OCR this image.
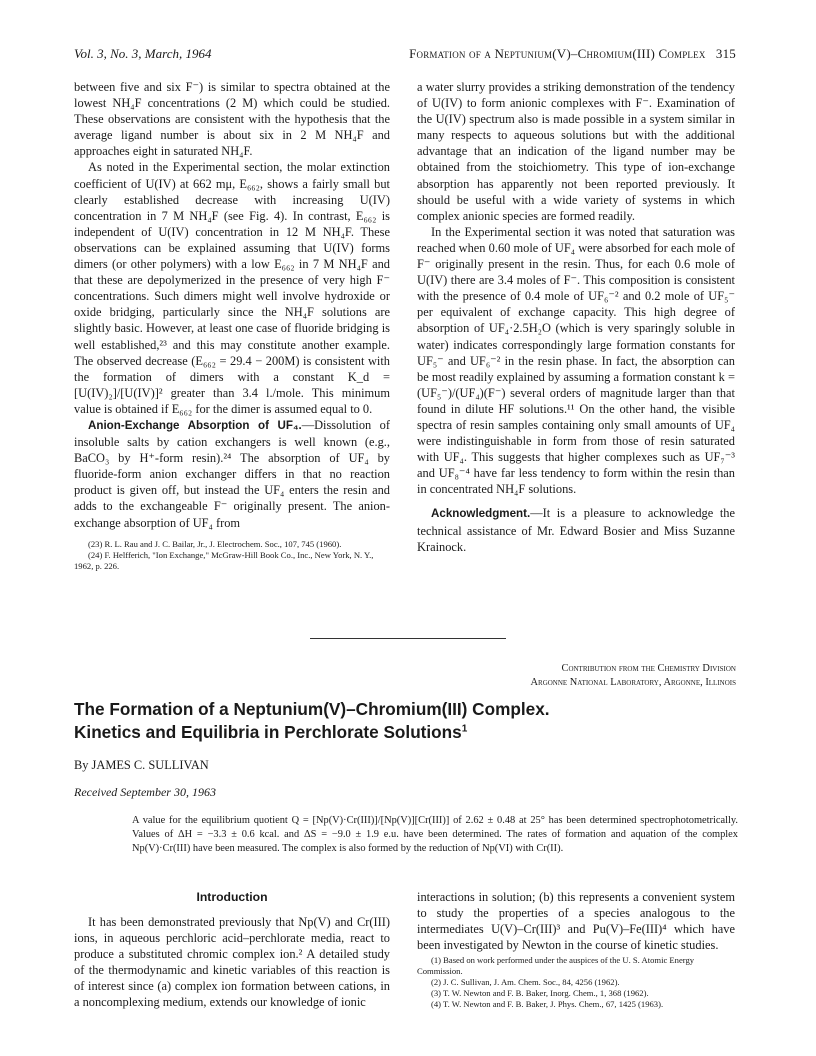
Vol. 3, No. 3, March, 1964	Formation of a Neptunium(V)–Chromium(III) Complex 315

between five and six F⁻) is similar to spectra obtained at the lowest NH₄F concentrations (2 M) which could be studied. These observations are consistent with the hypothesis that the average ligand number is about six in 2 M NH₄F and approaches eight in saturated NH₄F.

As noted in the Experimental section, the molar extinction coefficient of U(IV) at 662 mμ, E₆₆₂, shows a fairly small but clearly established decrease with increasing U(IV) concentration in 7 M NH₄F (see Fig. 4). In contrast, E₆₆₂ is independent of U(IV) concentration in 12 M NH₄F. These observations can be explained assuming that U(IV) forms dimers (or other polymers) with a low E₆₆₂ in 7 M NH₄F and that these are depolymerized in the presence of very high F⁻ concentrations. Such dimers might well involve hydroxide or oxide bridging, particularly since the NH₄F solutions are slightly basic. However, at least one case of fluoride bridging is well established,²³ and this may constitute another example. The observed decrease (E₆₆₂ = 29.4 − 200M) is consistent with the formation of dimers with a constant K_d = [U(IV)₂]/[U(IV)]² greater than 3.4 l./mole. This minimum value is obtained if E₆₆₂ for the dimer is assumed equal to 0.

Anion-Exchange Absorption of UF₄.—Dissolution of insoluble salts by cation exchangers is well known (e.g., BaCO₃ by H⁺-form resin).²⁴ The absorption of UF₄ by fluoride-form anion exchanger differs in that no reaction product is given off, but instead the UF₄ enters the resin and adds to the exchangeable F⁻ originally present. The anion-exchange absorption of UF₄ from

(23) R. L. Rau and J. C. Bailar, Jr., J. Electrochem. Soc., 107, 745 (1960).

(24) F. Helfferich, "Ion Exchange," McGraw-Hill Book Co., Inc., New York, N. Y., 1962, p. 226.

a water slurry provides a striking demonstration of the tendency of U(IV) to form anionic complexes with F⁻. Examination of the U(IV) spectrum also is made possible in a system similar in many respects to aqueous solutions but with the additional advantage that an indication of the ligand number may be obtained from the stoichiometry. This type of ion-exchange absorption has apparently not been reported previously. It should be useful with a wide variety of systems in which complex anionic species are formed readily.

In the Experimental section it was noted that saturation was reached when 0.60 mole of UF₄ were absorbed for each mole of F⁻ originally present in the resin. Thus, for each 0.6 mole of U(IV) there are 3.4 moles of F⁻. This composition is consistent with the presence of 0.4 mole of UF₆⁻² and 0.2 mole of UF₅⁻ per equivalent of exchange capacity. This high degree of absorption of UF₄·2.5H₂O (which is very sparingly soluble in water) indicates correspondingly large formation constants for UF₅⁻ and UF₆⁻² in the resin phase. In fact, the absorption can be most readily explained by assuming a formation constant k = (UF₅⁻)/(UF₄)(F⁻) several orders of magnitude larger than that found in dilute HF solutions.¹¹ On the other hand, the visible spectra of resin samples containing only small amounts of UF₄ were indistinguishable in form from those of resin saturated with UF₄. This suggests that higher complexes such as UF₇⁻³ and UF₈⁻⁴ have far less tendency to form within the resin than in concentrated NH₄F solutions.

Acknowledgment.—It is a pleasure to acknowledge the technical assistance of Mr. Edward Bosier and Miss Suzanne Krainock.

Contribution from the Chemistry Division
Argonne National Laboratory, Argonne, Illinois
The Formation of a Neptunium(V)–Chromium(III) Complex.
Kinetics and Equilibria in Perchlorate Solutions$^1$
By JAMES C. SULLIVAN
Received September 30, 1963

A value for the equilibrium quotient Q = [Np(V)·Cr(III)]/[Np(V)][Cr(III)] of 2.62 ± 0.48 at 25° has been determined spectrophotometrically. Values of ΔH = −3.3 ± 0.6 kcal. and ΔS = −9.0 ± 1.9 e.u. have been determined. The rates of formation and aquation of the complex Np(V)·Cr(III) have been measured. The complex is also formed by the reduction of Np(VI) with Cr(II).

Introduction

It has been demonstrated previously that Np(V) and Cr(III) ions, in aqueous perchloric acid–perchlorate media, react to produce a substituted chromic complex ion.² A detailed study of the thermodynamic and kinetic variables of this reaction is of interest since (a) complex ion formation between cations, in a noncomplexing medium, extends our knowledge of ionic

interactions in solution; (b) this represents a convenient system to study the properties of a species analogous to the intermediates U(V)–Cr(III)³ and Pu(V)–Fe(III)⁴ which have been investigated by Newton in the course of kinetic studies.

(1) Based on work performed under the auspices of the U. S. Atomic Energy Commission.

(2) J. C. Sullivan, J. Am. Chem. Soc., 84, 4256 (1962).

(3) T. W. Newton and F. B. Baker, Inorg. Chem., 1, 368 (1962).

(4) T. W. Newton and F. B. Baker, J. Phys. Chem., 67, 1425 (1963).
